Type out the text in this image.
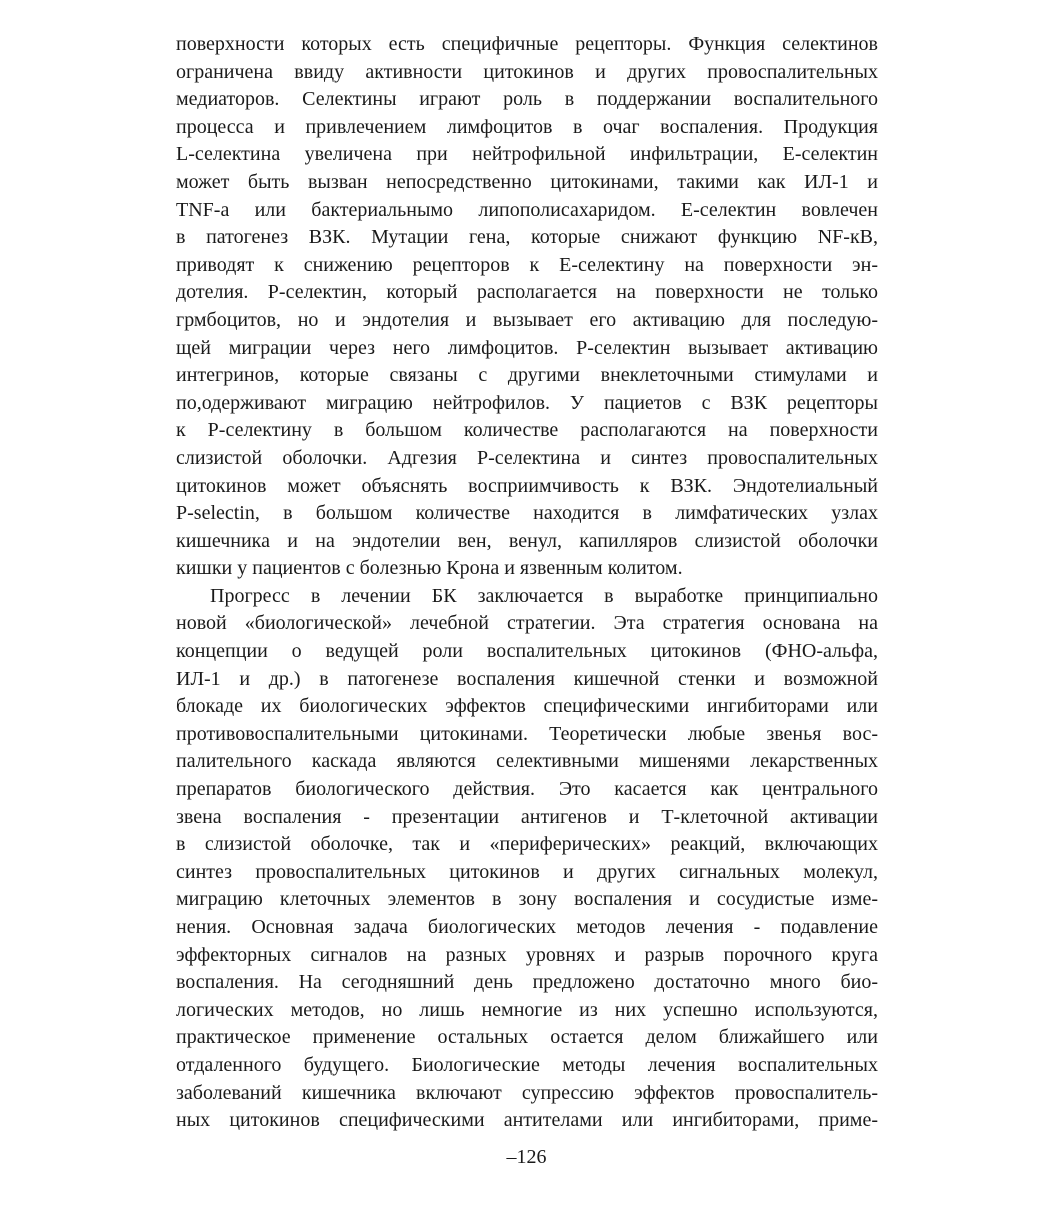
поверхности которых есть специфичные рецепторы. Функция селектинов
ограничена ввиду активности цитокинов и других провоспалительных
медиаторов. Селектины играют роль в поддержании воспалительного
процесса и привлечением лимфоцитов в очаг воспаления. Продукция
L-селектина увеличена при нейтрофильной инфильтрации, Е-селектин
может быть вызван непосредственно цитокинами, такими как ИЛ-1 и
TNF-a или бактериальнымо липополисахаридом. Е-селектин вовлечен
в патогенез ВЗК. Мутации гена, которые снижают функцию NF-кB,
приводят к снижению рецепторов к Е-селектину на поверхности эн-
дотелия. Р-селектин, который располагается на поверхности не только
грмбоцитов, но и эндотелия и вызывает его активацию для последую-
щей миграции через него лимфоцитов. Р-селектин вызывает активацию
интегринов, которые связаны с другими внеклеточными стимулами и
по,одерживают миграцию нейтрофилов. У пациетов с ВЗК рецепторы
к Р-селектину в большом количестве располагаются на поверхности
слизистой оболочки. Адгезия Р-селектина и синтез провоспалительных
цитокинов может объяснять восприимчивость к ВЗК. Эндотелиальный
P-selectin, в большом количестве находится в лимфатических узлах
кишечника и на эндотелии вен, венул, капилляров слизистой оболочки
кишки у пациентов с болезнью Крона и язвенным колитом.
Прогресс в лечении БК заключается в выработке принципиально
новой «биологической» лечебной стратегии. Эта стратегия основана на
концепции о ведущей роли воспалительных цитокинов (ФНО-альфа,
ИЛ-1 и др.) в патогенезе воспаления кишечной стенки и возможной
блокаде их биологических эффектов специфическими ингибиторами или
противовоспалительными цитокинами. Теоретически любые звенья вос-
палительного каскада являются селективными мишенями лекарственных
препаратов биологического действия. Это касается как центрального
звена воспаления - презентации антигенов и Т-клеточной активации
в слизистой оболочке, так и «периферических» реакций, включающих
синтез провоспалительных цитокинов и других сигнальных молекул,
миграцию клеточных элементов в зону воспаления и сосудистые изме-
нения. Основная задача биологических методов лечения - подавление
эффекторных сигналов на разных уровнях и разрыв порочного круга
воспаления. На сегодняшний день предложено достаточно много био-
логических методов, но лишь немногие из них успешно используются,
практическое применение остальных остается делом ближайшего или
отдаленного будущего. Биологические методы лечения воспалительных
заболеваний кишечника включают супрессию эффектов провоспалитель-
ных цитокинов специфическими антителами или ингибиторами, приме-
–126
